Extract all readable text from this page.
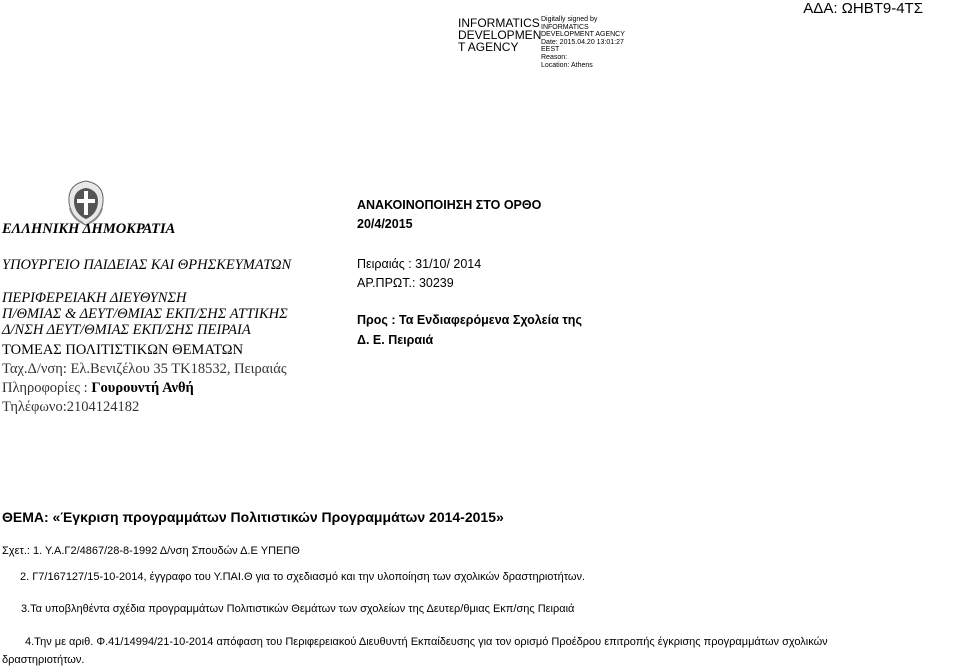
ΑΔΑ: ΩΗΒΤ9-4ΤΣ
INFORMATICS
DEVELOPMEN
T AGENCY
Digitally signed by
INFORMATICS
DEVELOPMENT AGENCY
Date: 2015.04.20 13:01:27
EEST
Reason:
Location: Athens
ΕΛΛΗΝΙΚΗ ΔΗΜΟΚΡΑΤΙΑ
ΥΠΟΥΡΓΕΙΟ ΠΑΙΔΕΙΑΣ ΚΑΙ ΘΡΗΣΚΕΥΜΑΤΩΝ
ΠΕΡΙΦΕΡΕΙΑΚΗ ΔΙΕΥΘΥΝΣΗ
Π/ΘΜΙΑΣ & ΔΕΥΤ/ΘΜΙΑΣ ΕΚΠ/ΣΗΣ ΑΤΤΙΚΗΣ
Δ/ΝΣΗ ΔΕΥΤ/ΘΜΙΑΣ ΕΚΠ/ΣΗΣ ΠΕΙΡΑΙΑ
ΤΟΜΕΑΣ ΠΟΛΙΤΙΣΤΙΚΩΝ ΘΕΜΑΤΩΝ
Ταχ.Δ/νση: Ελ.Βενιζέλου 35 ΤΚ18532, Πειραιάς
Πληροφορίες : Γουρουντή Ανθή
Τηλέφωνο:2104124182
ΑΝΑΚΟΙΝΟΠΟΙΗΣΗ ΣΤΟ ΟΡΘΟ
20/4/2015
Πειραιάς : 31/10/ 2014
ΑΡ.ΠΡΩΤ.: 30239
Προς : Τα Ενδιαφερόμενα Σχολεία της
Δ. Ε. Πειραιά
ΘΕΜΑ: «Έγκριση προγραμμάτων Πολιτιστικών Προγραμμάτων 2014-2015»
Σχετ.: 1. Υ.Α.Γ2/4867/28-8-1992 Δ/νση Σπουδών Δ.Ε ΥΠΕΠΘ
2. Γ7/167127/15-10-2014, έγγραφο του Υ.ΠΑΙ.Θ για το σχεδιασμό και την υλοποίηση των σχολικών δραστηριοτήτων.
3.Τα υποβληθέντα σχέδια προγραμμάτων Πολιτιστικών Θεμάτων των σχολείων της Δευτερ/θμιας Εκπ/σης Πειραιά
4.Την με αριθ. Φ.41/14994/21-10-2014 απόφαση του Περιφερειακού Διευθυντή Εκπαίδευσης για τον ορισμό Προέδρου επιτροπής έγκρισης προγραμμάτων σχολικών
δραστηριοτήτων.
